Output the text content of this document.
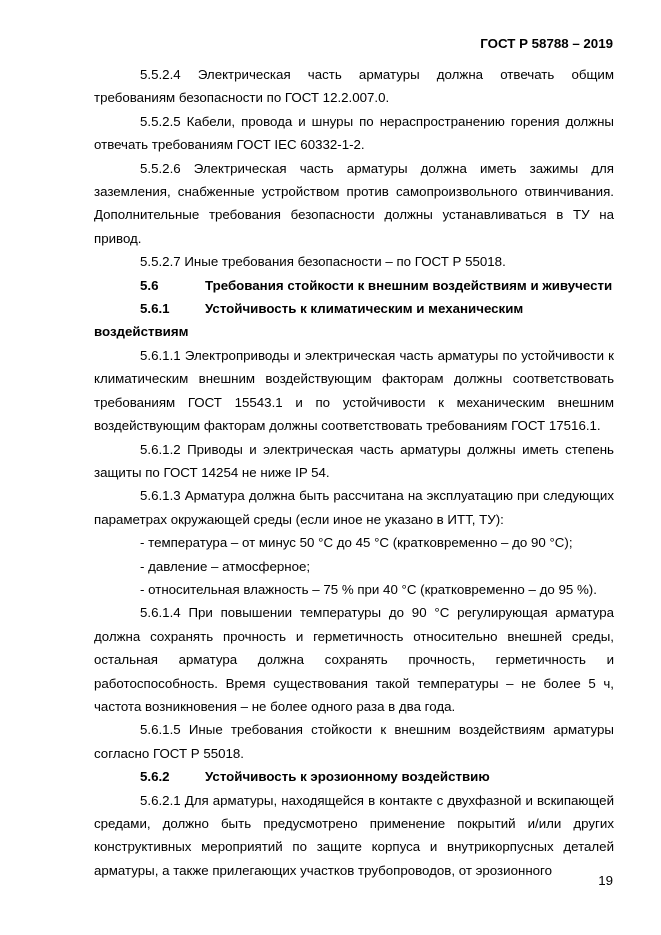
ГОСТ Р 58788 – 2019

5.5.2.4 Электрическая часть арматуры должна отвечать общим требованиям безопасности по ГОСТ 12.2.007.0.

5.5.2.5 Кабели, провода и шнуры по нераспространению горения должны отвечать требованиям ГОСТ IEC 60332-1-2.

5.5.2.6 Электрическая часть арматуры должна иметь зажимы для заземления, снабженные устройством против самопроизвольного отвинчивания. Дополнительные требования безопасности должны устанавливаться в ТУ на привод.

5.5.2.7 Иные требования безопасности – по ГОСТ Р 55018.

5.6	Требования стойкости к внешним воздействиям и живучести

5.6.1	Устойчивость к климатическим и механическим воздействиям

5.6.1.1 Электроприводы и электрическая часть арматуры по устойчивости к климатическим внешним воздействующим факторам должны соответствовать требованиям ГОСТ 15543.1 и по устойчивости к механическим внешним воздействующим факторам должны соответствовать требованиям ГОСТ 17516.1.

5.6.1.2 Приводы и электрическая часть арматуры должны иметь степень защиты по ГОСТ 14254 не ниже IP 54.

5.6.1.3 Арматура должна быть рассчитана на эксплуатацию при следующих параметрах окружающей среды (если иное не указано в ИТТ, ТУ):

- температура – от минус 50 °C до 45 °C (кратковременно – до 90 °C);

- давление – атмосферное;

- относительная влажность – 75 % при 40 °C (кратковременно – до 95 %).

5.6.1.4 При повышении температуры до 90 °C регулирующая арматура должна сохранять прочность и герметичность относительно внешней среды, остальная арматура должна сохранять прочность, герметичность и работоспособность. Время существования такой температуры – не более 5 ч, частота возникновения – не более одного раза в два года.

5.6.1.5 Иные требования стойкости к внешним воздействиям арматуры согласно ГОСТ Р 55018.

5.6.2	Устойчивость к эрозионному воздействию

5.6.2.1 Для арматуры, находящейся в контакте с двухфазной и вскипающей средами, должно быть предусмотрено применение покрытий и/или других конструктивных мероприятий по защите корпуса и внутрикорпусных деталей арматуры, а также прилегающих участков трубопроводов, от эрозионного

19
